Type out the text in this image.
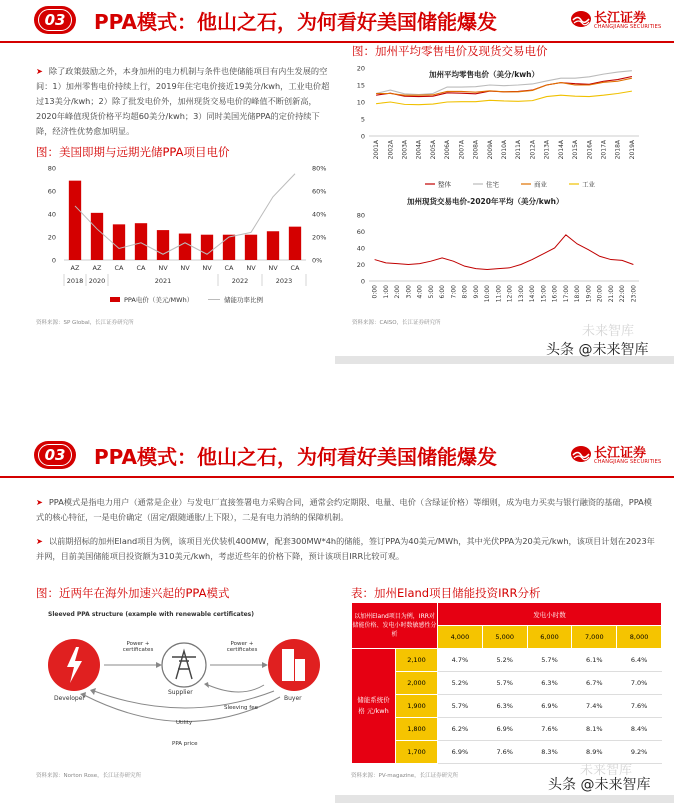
03	PPA模式：他山之石，为何看好美国储能爆发	长江证券
CHANGJIANG SECURITIES
➤ 除了政策鼓励之外，本身加州的电力机制与条件也使储能项目有内生发展的空间：1）加州零售电价持续上行，2019年住宅电价接近19美分/kwh，工业电价超过13美分/kwh；2）除了批发电价外，加州现货交易电价的峰值不断创新高，2020年峰值现货价格平均超60美分/kwh；3）同时美国光储PPA的定价持续下降，经济性优势愈加明显。
图：美国即期与远期光储PPA项目电价
0
20
40
60
80
0%
20%
40%
60%
80%
AZ AZ CA CA NV NV NV CA NV NV CA
2018 2020	2021	2022	2023
PPA电价（美元/MWh）	储能功率比例
资料来源：SP Global，长江证券研究所
图：加州平均零售电价及现货交易电价
加州平均零售电价（美分/kwh）
0
5
10
15
20
2001A 2002A 2003A 2004A 2005A 2006A 2007A 2008A 2009A 2010A 2011A 2012A 2013A 2014A 2015A 2016A 2017A 2018A 2019A
整体	住宅	商业	工业
加州现货交易电价-2020年平均（美分/kwh）
0
20
40
60
80
0:00 1:00 2:00 3:00 4:00 5:00 6:00 7:00 8:00 9:00 10:00 11:00 12:00 13:00 14:00 15:00 16:00 17:00 18:00 19:00 20:00 21:00 22:00 23:00
资料来源：CAISO，长江证券研究所
未来智库
头条 @未来智库
03	PPA模式：他山之石，为何看好美国储能爆发	长江证券
CHANGJIANG SECURITIES
➤ PPA模式是指电力用户（通常是企业）与发电厂直接签署电力采购合同，通常会约定期限、电量、电价（含绿证价格）等细则，成为电力买卖与银行融资的基础，PPA模式的核心特征，一是电价确定（固定/跟随通胀/上下限），二是有电力消纳的保障机制。
➤ 以前期招标的加州Eland项目为例，该项目光伏装机400MW，配套300MW*4h的储能，签订PPA为40美元/MWh，其中光伏PPA为20美元/kwh，该项目计划在2023年并网，目前美国储能项目投资额为310美元/kwh，考虑近些年的价格下降，预计该项目IRR比较可观。
图：近两年在海外加速兴起的PPA模式	表：加州Eland项目储能投资IRR分析
Sleeved PPA structure (example with renewable certificates)
Power + certificates
Power + certificates
Developer	Buyer
Supplier
Sleeving fee
Utility
PPA price
资料来源：Norton Rose，长江证券研究所	资料来源：PV-magazine，长江证券研究所	未来智库
头条 @未来智库
以加州Eland项目为例，IRR对储能价格、发电小时数敏感性分析		发电小时数				
		4,000	5,000	6,000	7,000	8,000
储能系统价格 元/kwh	2,100	4.7%	5.2%	5.7%	6.1%	6.4%
	2,000	5.2%	5.7%	6.3%	6.7%	7.0%
	1,900	5.7%	6.3%	6.9%	7.4%	7.6%
	1,800	6.2%	6.9%	7.6%	8.1%	8.4%
	1,700	6.9%	7.6%	8.3%	8.9%	9.2%
